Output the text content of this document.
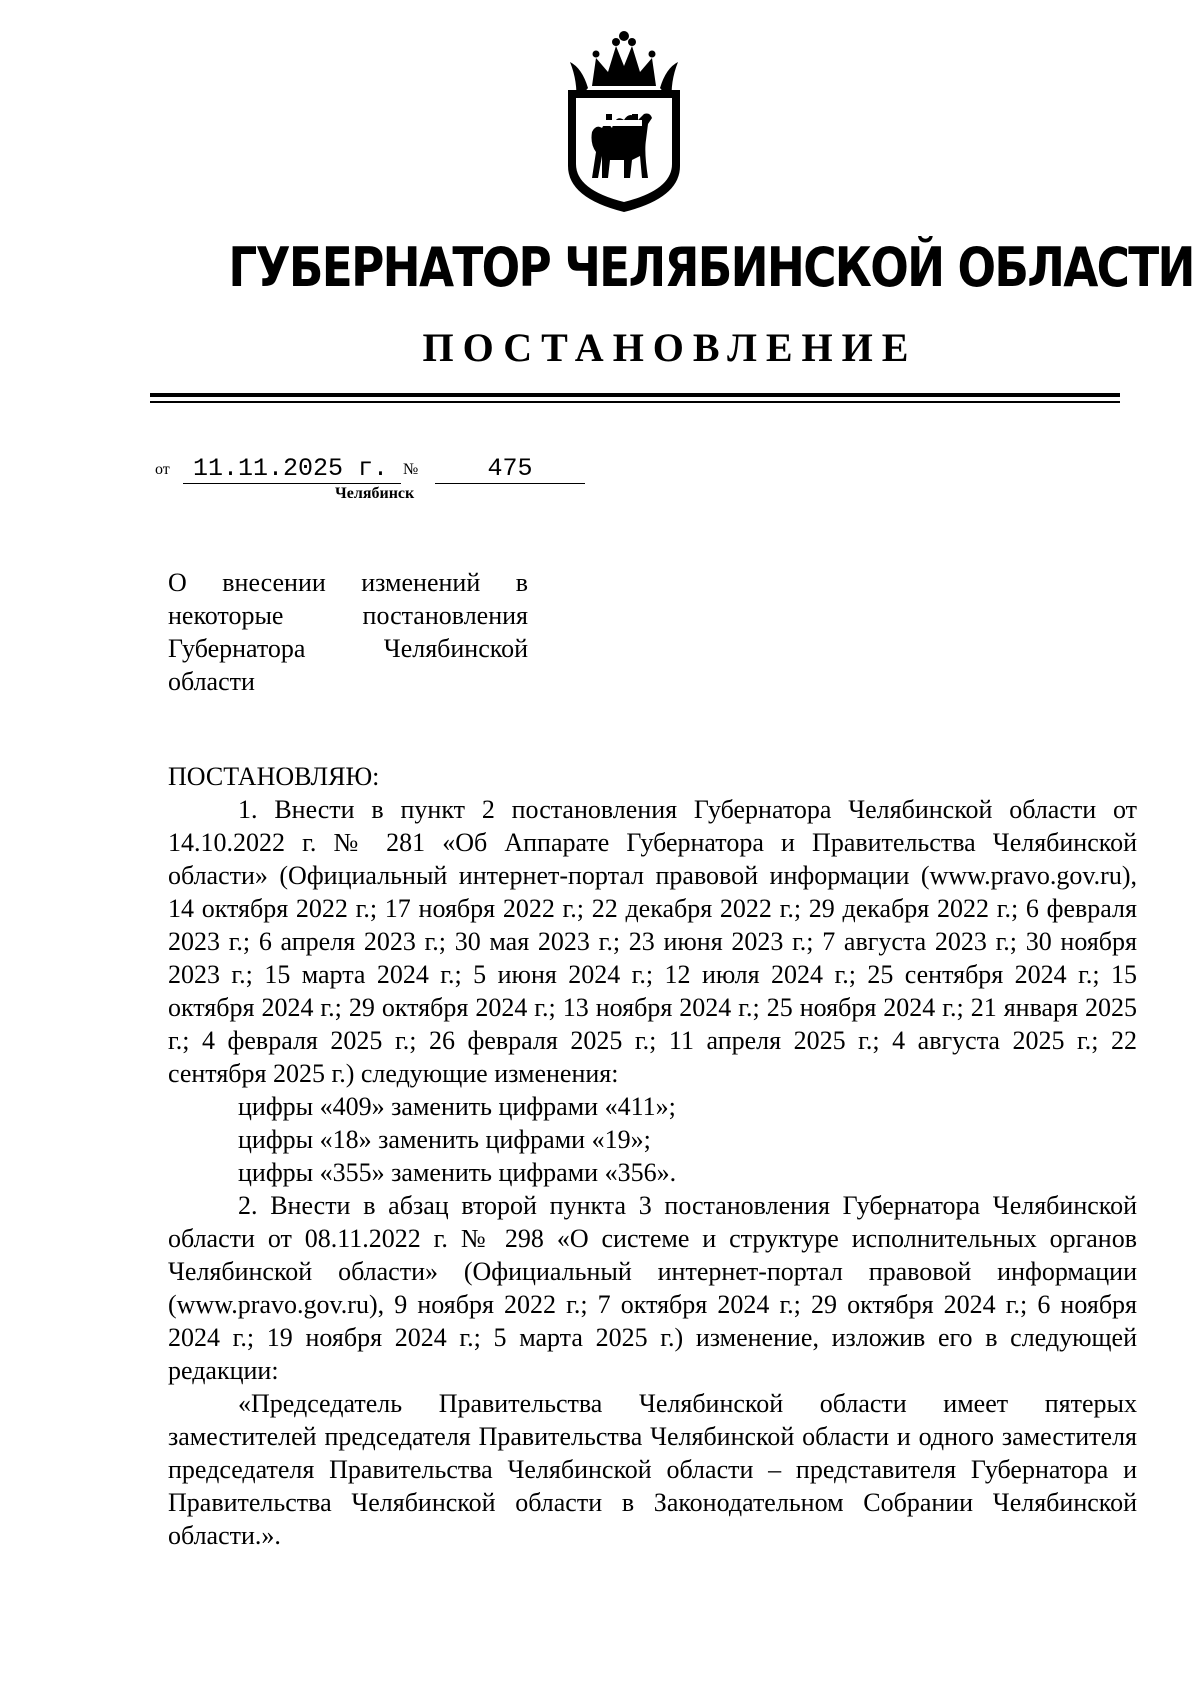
ГУБЕРНАТОР ЧЕЛЯБИНСКОЙ ОБЛАСТИ
ПОСТАНОВЛЕНИЕ
от 11.11.2025 г. №	475
Челябинск
О внесении изменений в некоторые постановления Губернатора Челябинской области

ПОСТАНОВЛЯЮ:

1. Внести в пункт 2 постановления Губернатора Челябинской области от 14.10.2022 г. № 281 «Об Аппарате Губернатора и Правительства Челябинской области» (Официальный интернет-портал правовой информации (www.pravo.gov.ru), 14 октября 2022 г.; 17 ноября 2022 г.; 22 декабря 2022 г.; 29 декабря 2022 г.; 6 февраля 2023 г.; 6 апреля 2023 г.; 30 мая 2023 г.; 23 июня 2023 г.; 7 августа 2023 г.; 30 ноября 2023 г.; 15 марта 2024 г.; 5 июня 2024 г.; 12 июля 2024 г.; 25 сентября 2024 г.; 15 октября 2024 г.; 29 октября 2024 г.; 13 ноября 2024 г.; 25 ноября 2024 г.; 21 января 2025 г.; 4 февраля 2025 г.; 26 февраля 2025 г.; 11 апреля 2025 г.; 4 августа 2025 г.; 22 сентября 2025 г.) следующие изменения:

цифры «409» заменить цифрами «411»;

цифры «18» заменить цифрами «19»;

цифры «355» заменить цифрами «356».

2. Внести в абзац второй пункта 3 постановления Губернатора Челябинской области от 08.11.2022 г. № 298 «О системе и структуре исполнительных органов Челябинской области» (Официальный интернет-портал правовой информации (www.pravo.gov.ru), 9 ноября 2022 г.; 7 октября 2024 г.; 29 октября 2024 г.; 6 ноября 2024 г.; 19 ноября 2024 г.; 5 марта 2025 г.) изменение, изложив его в следующей редакции:

«Председатель Правительства Челябинской области имеет пятерых заместителей председателя Правительства Челябинской области и одного заместителя председателя Правительства Челябинской области – представителя Губернатора и Правительства Челябинской области в Законодательном Собрании Челябинской области.».
